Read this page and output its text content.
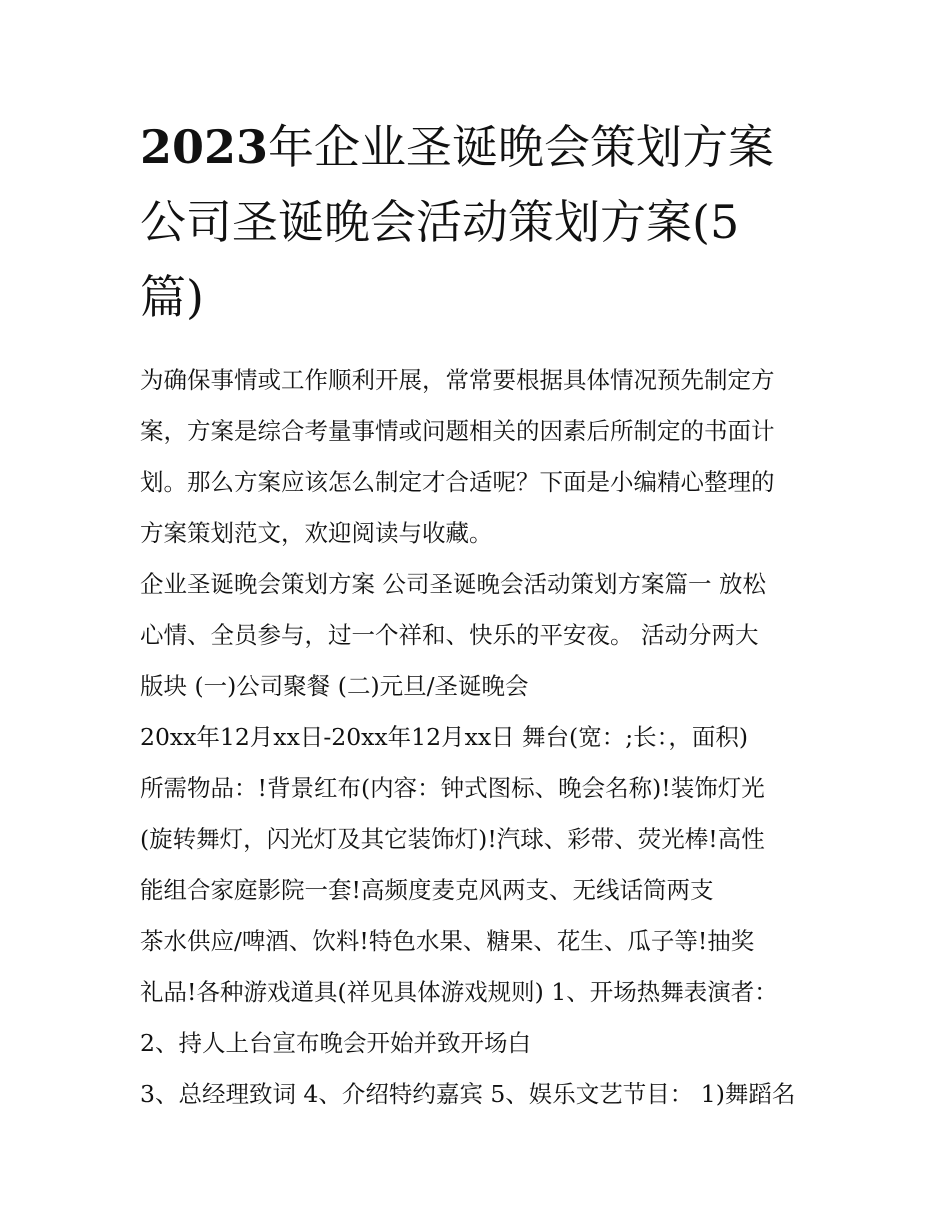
2023年企业圣诞晚会策划方案
公司圣诞晚会活动策划方案(5
篇)
为确保事情或工作顺利开展，常常要根据具体情况预先制定方
案，方案是综合考量事情或问题相关的因素后所制定的书面计
划。那么方案应该怎么制定才合适呢？下面是小编精心整理的
方案策划范文，欢迎阅读与收藏。
企业圣诞晚会策划方案 公司圣诞晚会活动策划方案篇一 放松
心情、全员参与，过一个祥和、快乐的平安夜。 活动分两大
版块 (一)公司聚餐 (二)元旦/圣诞晚会
20xx年12月xx日-20xx年12月xx日 舞台(宽：;长：，面积)
所需物品：!背景红布(内容：钟式图标、晚会名称)!装饰灯光
(旋转舞灯，闪光灯及其它装饰灯)!汽球、彩带、荧光棒!高性
能组合家庭影院一套!高频度麦克风两支、无线话筒两支
茶水供应/啤酒、饮料!特色水果、糖果、花生、瓜子等!抽奖
礼品!各种游戏道具(祥见具体游戏规则) 1、开场热舞表演者：
2、持人上台宣布晚会开始并致开场白
3、总经理致词 4、介绍特约嘉宾 5、娱乐文艺节目： 1)舞蹈名
